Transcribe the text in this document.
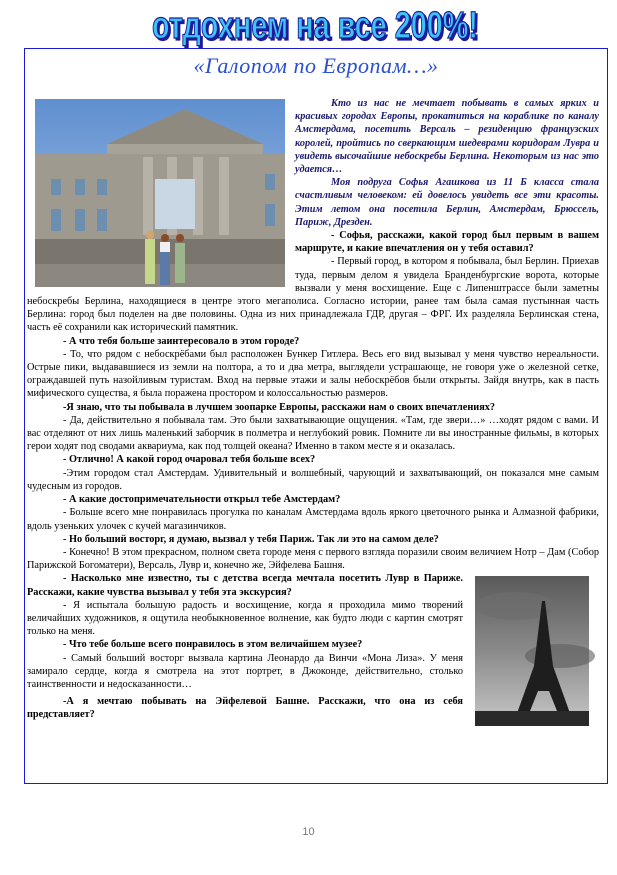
отдохнем на все 200%!
«Галопом по Европам…»

Кто из нас не мечтает побывать в самых ярких и красивых городах Европы, прокатиться на кораблике по каналу Амстердама, посетить Версаль – резиденцию французских королей, пройтись по сверкающим шедеврами коридорам Лувра и увидеть высочайшие небоскребы Берлина. Некоторым из нас это удается…

Моя подруга Софья Агашкова из 11 Б класса стала счастливым человеком: ей довелось увидеть все эти красоты. Этим летом она посетила Берлин, Амстердам, Брюссель, Париж, Дрезден.

- Софья, расскажи, какой город был первым в вашем маршруте, и какие впечатления он у тебя оставил?

- Первый город, в котором я побывала, был Берлин. Приехав туда, первым делом я увидела Бранденбургские ворота, которые вызвали у меня восхищение. Еще с Липенштрассе были заметны небоскребы Берлина, находящиеся в центре этого мегаполиса. Согласно истории, ранее там была самая пустынная часть Берлина: город был поделен на две половины. Одна из них принадлежала ГДР, другая – ФРГ. Их разделяла Берлинская стена, часть её сохранили как исторический памятник.

- А что тебя больше заинтересовало в этом городе?

- То, что рядом с небоскрёбами был расположен Бункер Гитлера. Весь его вид вызывал у меня чувство нереальности. Острые пики, выдававшиеся из земли на полтора, а то и два метра, выглядели устрашающе, не говоря уже о железной сетке, ограждавшей путь назойливым туристам. Вход на первые этажи и залы небоскрёбов были открыты. Зайдя внутрь, как в пасть мифического существа, я была поражена простором и колоссальностью размеров.

-Я знаю, что ты побывала в лучшем зоопарке Европы, расскажи нам о своих впечатлениях?

- Да, действительно я побывала там. Это были захватывающие ощущения. «Там, где звери…» …ходят рядом с вами. И вас отделяют от них лишь маленький заборчик в полметра и неглубокий ровик. Помните ли вы иностранные фильмы, в которых герои ходят под сводами аквариума, как под толщей океана? Именно в таком месте я и оказалась.

- Отлично! А какой город очаровал тебя больше всех?

-Этим городом стал Амстердам. Удивительный и волшебный, чарующий и захватывающий, он показался мне самым чудесным из городов.

- А какие достопримечательности открыл тебе Амстердам?

- Больше всего мне понравилась прогулка по каналам Амстердама вдоль яркого цветочного рынка и Алмазной фабрики, вдоль узеньких улочек с кучей магазинчиков.

- Но больший восторг, я думаю, вызвал у тебя Париж. Так ли это на самом деле?

- Конечно! В этом прекрасном, полном света городе меня с первого взгляда поразили своим величием Нотр – Дам (Собор Парижской Богоматери), Версаль, Лувр и, конечно же, Эйфелева Башня.

- Насколько мне известно, ты с детства всегда мечтала посетить Лувр в Париже. Расскажи, какие чувства вызывал у тебя эта экскурсия?

- Я испытала большую радость и восхищение, когда я проходила мимо творений величайших художников, я ощутила необыкновенное волнение, как будто люди с картин смотрят только на меня.

- Что тебе больше всего понравилось в этом величайшем музее?

- Самый больший восторг вызвала картина Леонардо да Винчи «Мона Лиза». У меня замирало сердце, когда я смотрела на этот портрет, в Джоконде, действительно, столько таинственности и недосказанности…

-А я мечтаю побывать на Эйфелевой Башне. Расскажи, что она из себя представляет?

10
